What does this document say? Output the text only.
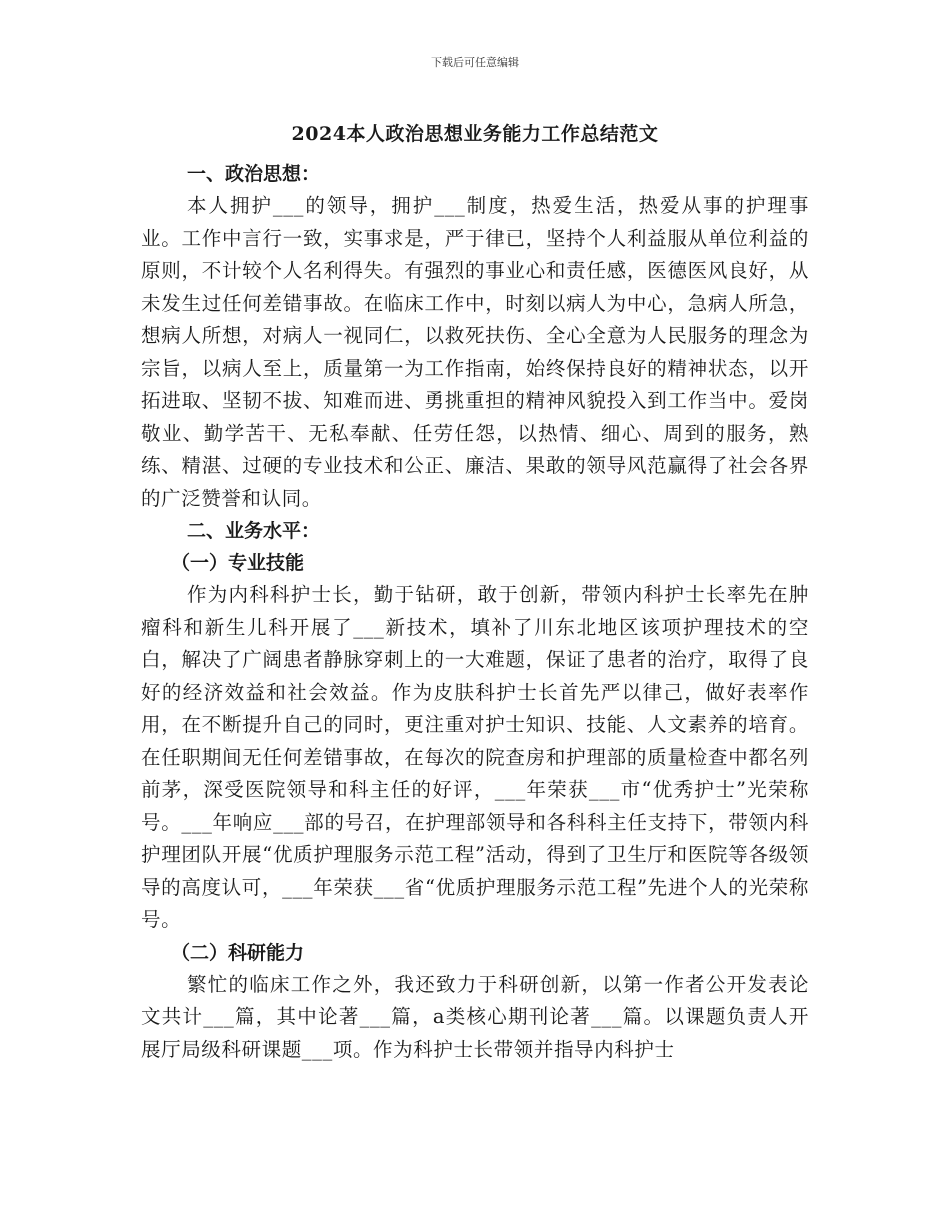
下载后可任意编辑
2024本人政治思想业务能力工作总结范文
一、政治思想：

本人拥护___的领导，拥护___制度，热爱生活，热爱从事的护理事业。工作中言行一致，实事求是，严于律已，坚持个人利益服从单位利益的原则，不计较个人名利得失。有强烈的事业心和责任感，医德医风良好，从未发生过任何差错事故。在临床工作中，时刻以病人为中心，急病人所急，想病人所想，对病人一视同仁，以救死扶伤、全心全意为人民服务的理念为宗旨，以病人至上，质量第一为工作指南，始终保持良好的精神状态，以开拓进取、坚韧不拔、知难而进、勇挑重担的精神风貌投入到工作当中。爱岗敬业、勤学苦干、无私奉献、任劳任怨，以热情、细心、周到的服务，熟练、精湛、过硬的专业技术和公正、廉洁、果敢的领导风范赢得了社会各界的广泛赞誉和认同。

二、业务水平：
（一）专业技能

作为内科科护士长，勤于钻研，敢于创新，带领内科护士长率先在肿瘤科和新生儿科开展了___新技术，填补了川东北地区该项护理技术的空白，解决了广阔患者静脉穿刺上的一大难题，保证了患者的治疗，取得了良好的经济效益和社会效益。作为皮肤科护士长首先严以律己，做好表率作用，在不断提升自己的同时，更注重对护士知识、技能、人文素养的培育。在任职期间无任何差错事故，在每次的院查房和护理部的质量检查中都名列前茅，深受医院领导和科主任的好评，___年荣获___市“优秀护士”光荣称号。___年响应___部的号召，在护理部领导和各科科主任支持下，带领内科护理团队开展“优质护理服务示范工程”活动，得到了卫生厅和医院等各级领导的高度认可，___年荣获___省“优质护理服务示范工程”先进个人的光荣称号。

（二）科研能力

繁忙的临床工作之外，我还致力于科研创新，以第一作者公开发表论文共计___篇，其中论著___篇，a类核心期刊论著___篇。以课题负责人开展厅局级科研课题___项。作为科护士长带领并指导内科护士
